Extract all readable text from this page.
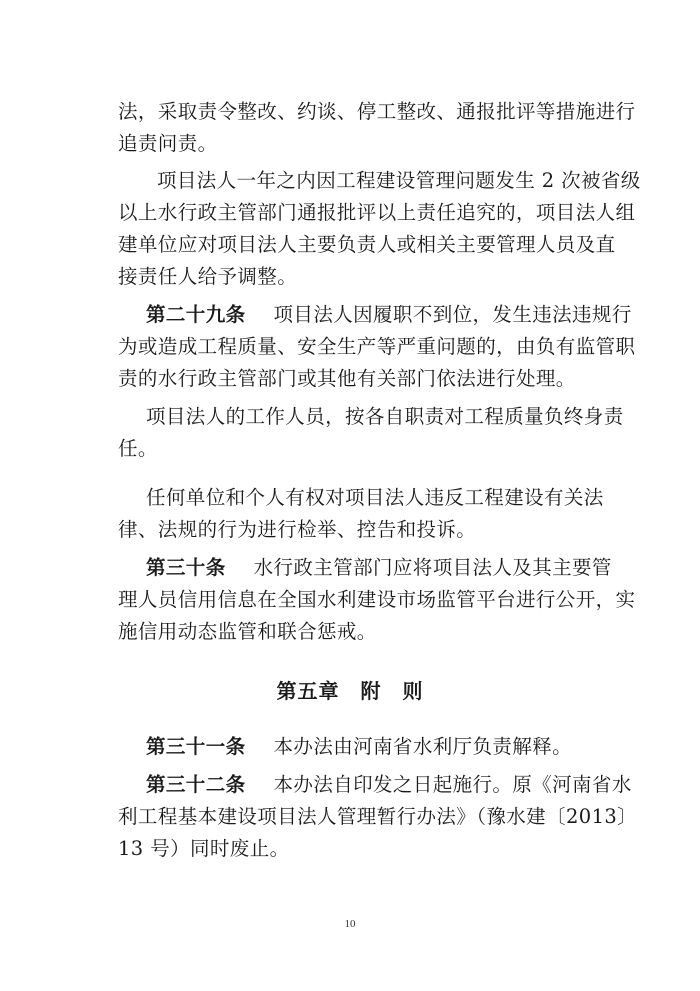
法，采取责令整改、约谈、停工整改、通报批评等措施进行
追责问责。
项目法人一年之内因工程建设管理问题发生 2 次被省级
以上水行政主管部门通报批评以上责任追究的，项目法人组
建单位应对项目法人主要负责人或相关主要管理人员及直
接责任人给予调整。
第二十九条 项目法人因履职不到位，发生违法违规行
为或造成工程质量、安全生产等严重问题的，由负有监管职
责的水行政主管部门或其他有关部门依法进行处理。
项目法人的工作人员，按各自职责对工程质量负终身责
任。
任何单位和个人有权对项目法人违反工程建设有关法
律、法规的行为进行检举、控告和投诉。
第三十条 水行政主管部门应将项目法人及其主要管
理人员信用信息在全国水利建设市场监管平台进行公开，实
施信用动态监管和联合惩戒。
第五章　附　则
第三十一条 本办法由河南省水利厅负责解释。
第三十二条 本办法自印发之日起施行。原《河南省水
利工程基本建设项目法人管理暂行办法》（豫水建〔2013〕
13 号）同时废止。
10
